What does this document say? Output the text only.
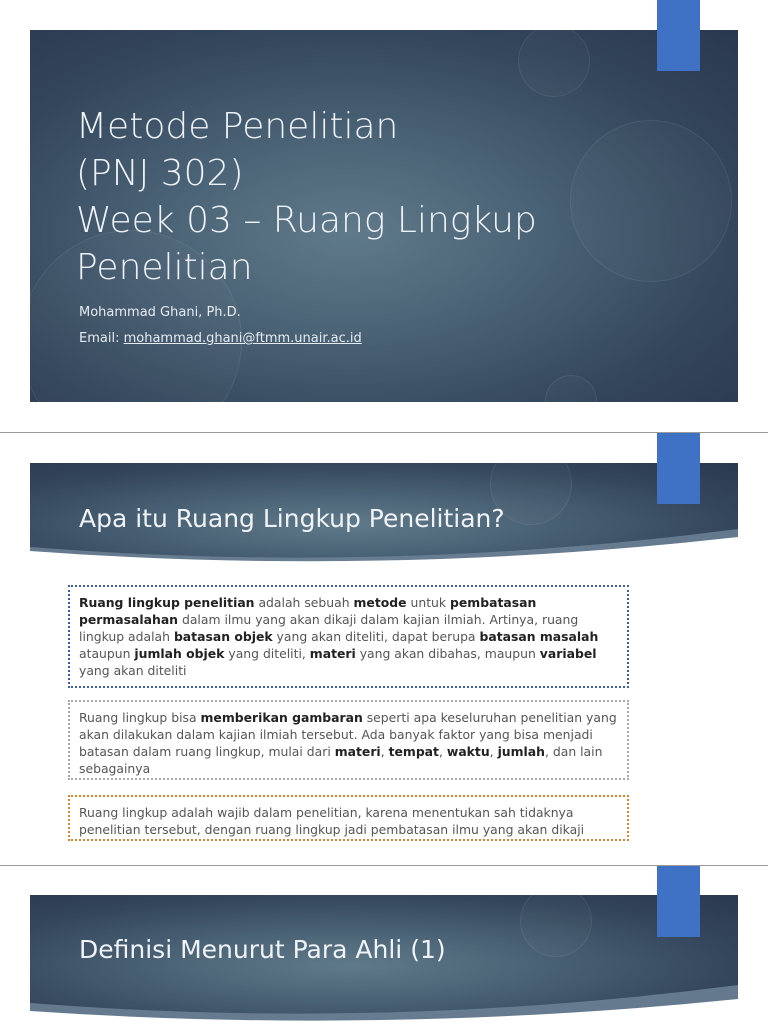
Metode Penelitian
(PNJ 302)
Week 03 – Ruang Lingkup
Penelitian
Mohammad Ghani, Ph.D.
Email: mohammad.ghani@ftmm.unair.ac.id
Apa itu Ruang Lingkup Penelitian?
Ruang lingkup penelitian adalah sebuah metode untuk pembatasan permasalahan dalam ilmu yang akan dikaji dalam kajian ilmiah. Artinya, ruang lingkup adalah batasan objek yang akan diteliti, dapat berupa batasan masalah ataupun jumlah objek yang diteliti, materi yang akan dibahas, maupun variabel yang akan diteliti
Ruang lingkup bisa memberikan gambaran seperti apa keseluruhan penelitian yang akan dilakukan dalam kajian ilmiah tersebut. Ada banyak faktor yang bisa menjadi batasan dalam ruang lingkup, mulai dari materi, tempat, waktu, jumlah, dan lain sebagainya
Ruang lingkup adalah wajib dalam penelitian, karena menentukan sah tidaknya penelitian tersebut, dengan ruang lingkup jadi pembatasan ilmu yang akan dikaji
Definisi Menurut Para Ahli (1)
